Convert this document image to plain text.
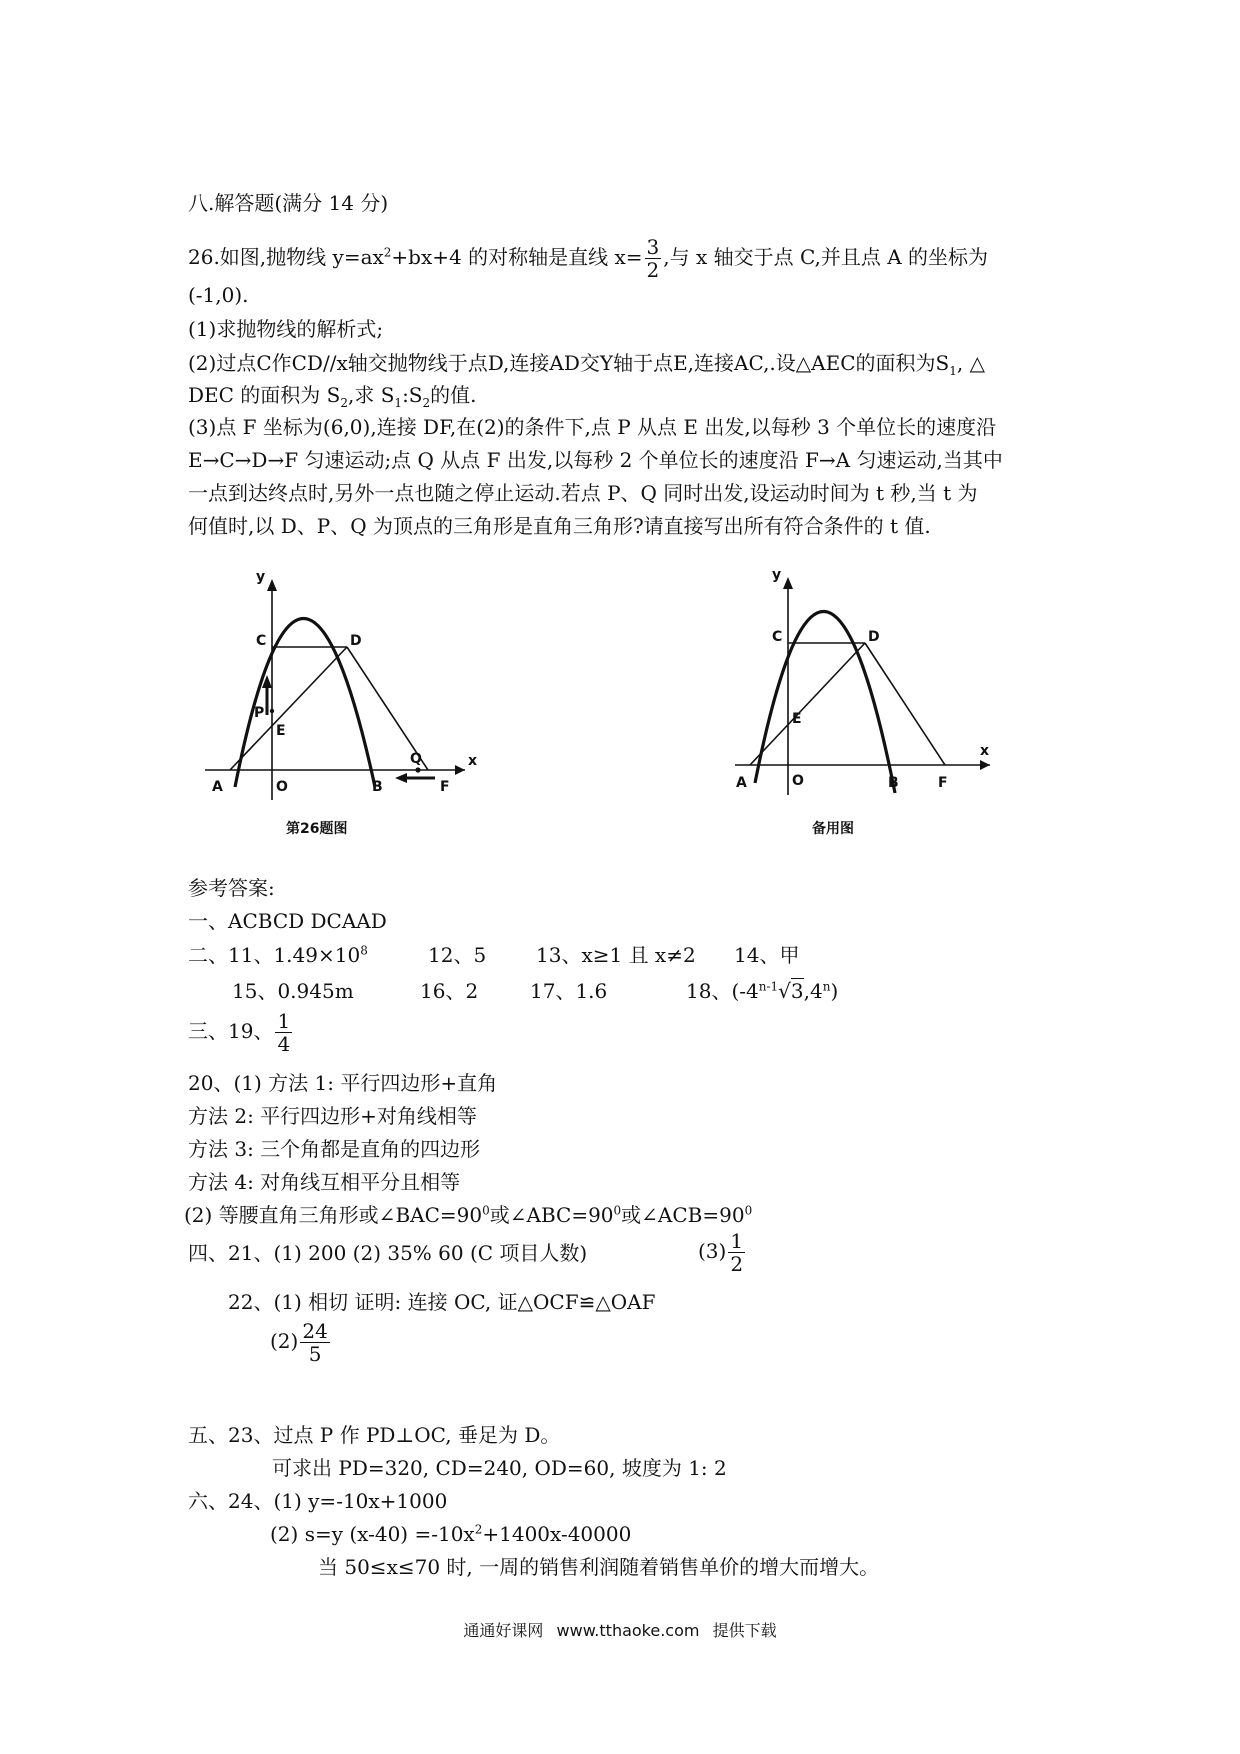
八.解答题(满分 14 分)
26.如图,抛物线 $y=ax^2+bx+4$ 的对称轴是直线 $x= \frac{3}{2}$ ,与 x 轴交于点 C,并且点 A 的坐标为
(-1,0).
(1)求抛物线的解析式;
(2)过点C作CD//x轴交抛物线于点D,连接AD交Y轴于点E,连接AC,.设△AEC的面积为$S_1$, △
DEC 的面积为 $S_2$,求 $S_1:S_2$的值.
(3)点 F 坐标为(6,0),连接 DF,在(2)的条件下,点 P 从点 E 出发,以每秒 3 个单位长的速度沿
E→C→D→F 匀速运动;点 Q 从点 F 出发,以每秒 2 个单位长的速度沿 F→A 匀速运动,当其中
一点到达终点时,另外一点也随之停止运动.若点 P、Q 同时出发,设运动时间为 t 秒,当 t 为
何值时,以 D、P、Q 为顶点的三角形是直角三角形?请直接写出所有符合条件的 t 值.
y
x
C	D
P
E
A	O	B
Q
F
第26题图
y
x
C	D
E
A	O	B	F
备用图
参考答案:
一、ACBCD DCAAD
二、11、$1.49\times 10^8$	12、5 13、x≥1 且 x≠2 14、甲
15、0.945m	16、2	17、1.6	18、(-4$^{n-1}$√3,4$^n$)
三、19、 $\frac{1}{4}$
20、(1) 方法 1: 平行四边形+直角
方法 2: 平行四边形+对角线相等
方法 3: 三个角都是直角的四边形
方法 4: 对角线互相平分且相等
(2) 等腰直角三角形或$\angle BAC=90^0$或$\angle ABC=90^0$或$\angle ACB=90^0$
四、21、(1) 200 (2) 35% 60 (C 项目人数)	$(3) \frac{1}{2}$
22、(1) 相切 证明: 连接 OC, 证△OCF≌△OAF
$(2) \frac{24}{5}$
五、23、过点 P 作 PD⊥OC, 垂足为 D。
可求出 PD=320, CD=240, OD=60, 坡度为 1: 2
六、24、(1) y=-10x+1000
(2) s=y $(x-40) =-10x^2+1400x-40000$
当 50≤x≤70 时, 一周的销售利润随着销售单价的增大而增大。
通通好课网 www.tthaoke.com 提供下载
